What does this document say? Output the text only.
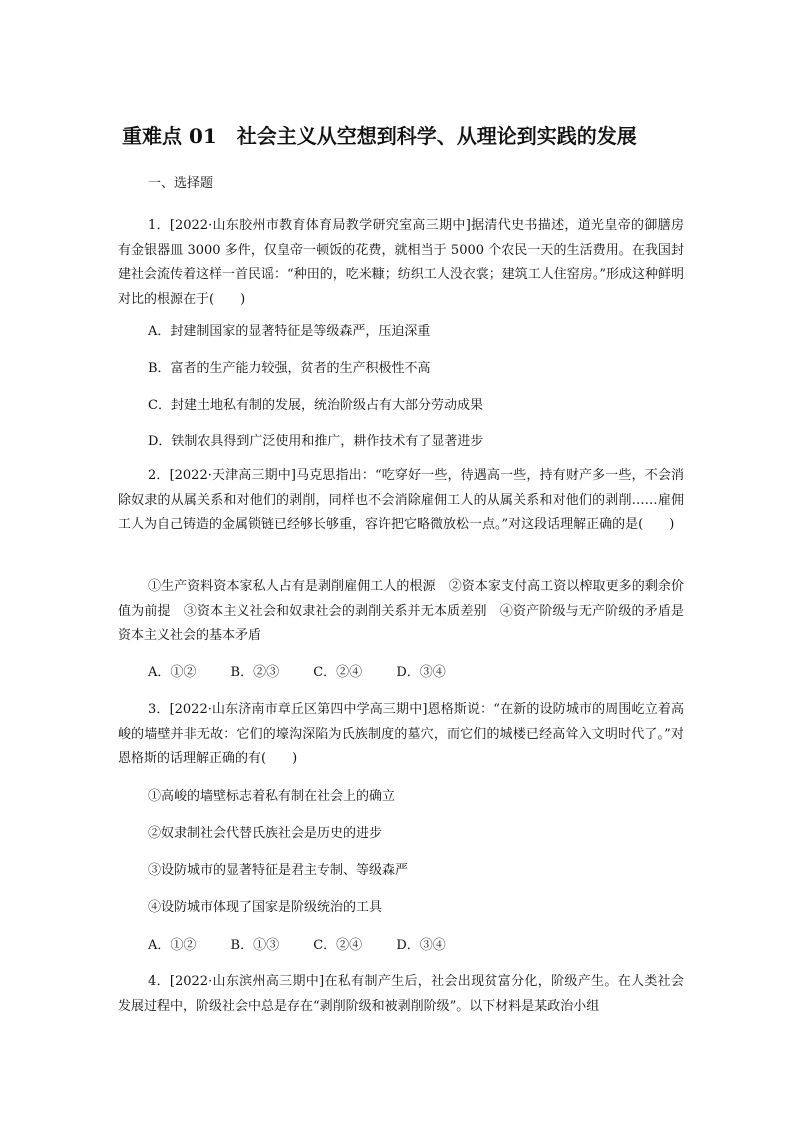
重难点 01　社会主义从空想到科学、从理论到实践的发展
一、选择题
1．[2022·山东胶州市教育体育局教学研究室高三期中]据清代史书描述，道光皇帝的御膳房有金银器皿 3000 多件，仅皇帝一顿饭的花费，就相当于 5000 个农民一天的生活费用。在我国封建社会流传着这样一首民谣：“种田的，吃米糠；纺织工人没衣裳；建筑工人住窑房。”形成这种鲜明对比的根源在于(　　)
A．封建制国家的显著特征是等级森严，压迫深重
B．富者的生产能力较强，贫者的生产积极性不高
C．封建土地私有制的发展，统治阶级占有大部分劳动成果
D．铁制农具得到广泛使用和推广，耕作技术有了显著进步
2．[2022·天津高三期中]马克思指出：“吃穿好一些，待遇高一些，持有财产多一些，不会消除奴隶的从属关系和对他们的剥削，同样也不会消除雇佣工人的从属关系和对他们的剥削……雇佣工人为自己铸造的金属锁链已经够长够重，容许把它略微放松一点。”对这段话理解正确的是(　　)
①生产资料资本家私人占有是剥削雇佣工人的根源　②资本家支付高工资以榨取更多的剩余价值为前提　③资本主义社会和奴隶社会的剥削关系并无本质差别　④资产阶级与无产阶级的矛盾是资本主义社会的基本矛盾
A．①②	B．②③	C．②④	D．③④
3．[2022·山东济南市章丘区第四中学高三期中]恩格斯说：“在新的设防城市的周围屹立着高峻的墙壁并非无故：它们的壕沟深陷为氏族制度的墓穴，而它们的城楼已经高耸入文明时代了。”对恩格斯的话理解正确的有(　　)
①高峻的墙壁标志着私有制在社会上的确立
②奴隶制社会代替氏族社会是历史的进步
③设防城市的显著特征是君主专制、等级森严
④设防城市体现了国家是阶级统治的工具
A．①②	B．①③	C．②④	D．③④
4．[2022·山东滨州高三期中]在私有制产生后，社会出现贫富分化，阶级产生。在人类社会发展过程中，阶级社会中总是存在“剥削阶级和被剥削阶级”。以下材料是某政治小组
